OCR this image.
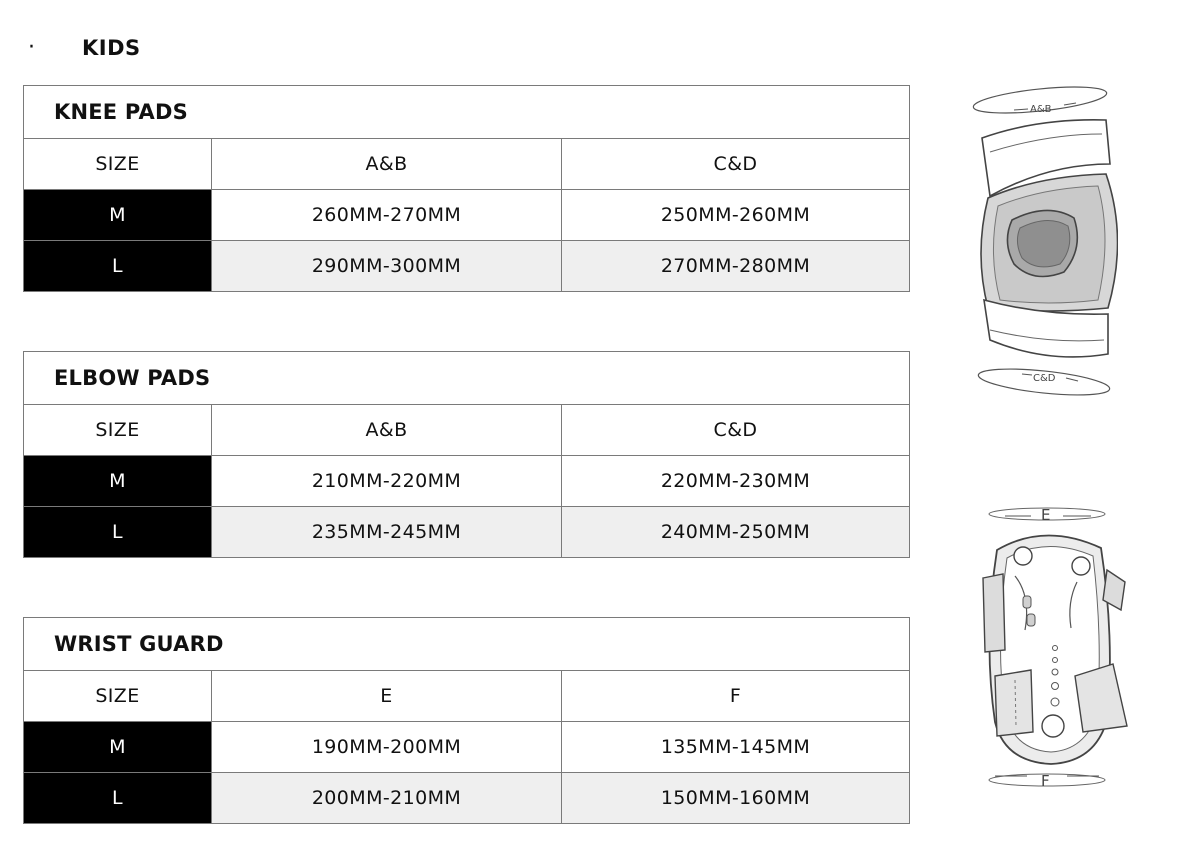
·	KIDS
KNEE PADS
SIZE	A&B	C&D
M	260MM-270MM	250MM-260MM
L	290MM-300MM	270MM-280MM
ELBOW PADS
SIZE	A&B	C&D
M	210MM-220MM	220MM-230MM
L	235MM-245MM	240MM-250MM
WRIST GUARD
SIZE	E	F
M	190MM-200MM	135MM-145MM
L	200MM-210MM	150MM-160MM
A&B
C&D
E
F
